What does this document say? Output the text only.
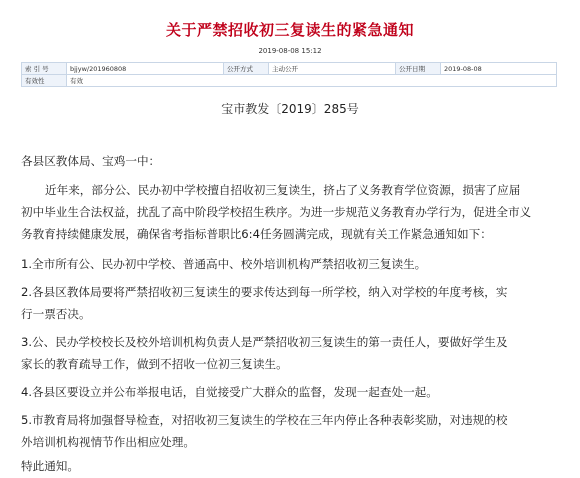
关于严禁招收初三复读生的紧急通知
2019-08-08 15:12
索 引 号	bjjyw/201960808	公开方式	主动公开	公开日期	2019-08-08
有效性	有效				
宝市教发〔2019〕285号
各县区教体局、宝鸡一中：
近年来，部分公、民办初中学校擅自招收初三复读生，挤占了义务教育学位资源，损害了应届
初中毕业生合法权益，扰乱了高中阶段学校招生秩序。为进一步规范义务教育办学行为，促进全市义
务教育持续健康发展，确保省考指标普职比6:4任务圆满完成，现就有关工作紧急通知如下：
1.全市所有公、民办初中学校、普通高中、校外培训机构严禁招收初三复读生。
2.各县区教体局要将严禁招收初三复读生的要求传达到每一所学校，纳入对学校的年度考核，实
行一票否决。
3.公、民办学校校长及校外培训机构负责人是严禁招收初三复读生的第一责任人，要做好学生及
家长的教育疏导工作，做到不招收一位初三复读生。
4.各县区要设立并公布举报电话，自觉接受广大群众的监督，发现一起查处一起。
5.市教育局将加强督导检查，对招收初三复读生的学校在三年内停止各种表彰奖励，对违规的校
外培训机构视情节作出相应处理。
特此通知。
